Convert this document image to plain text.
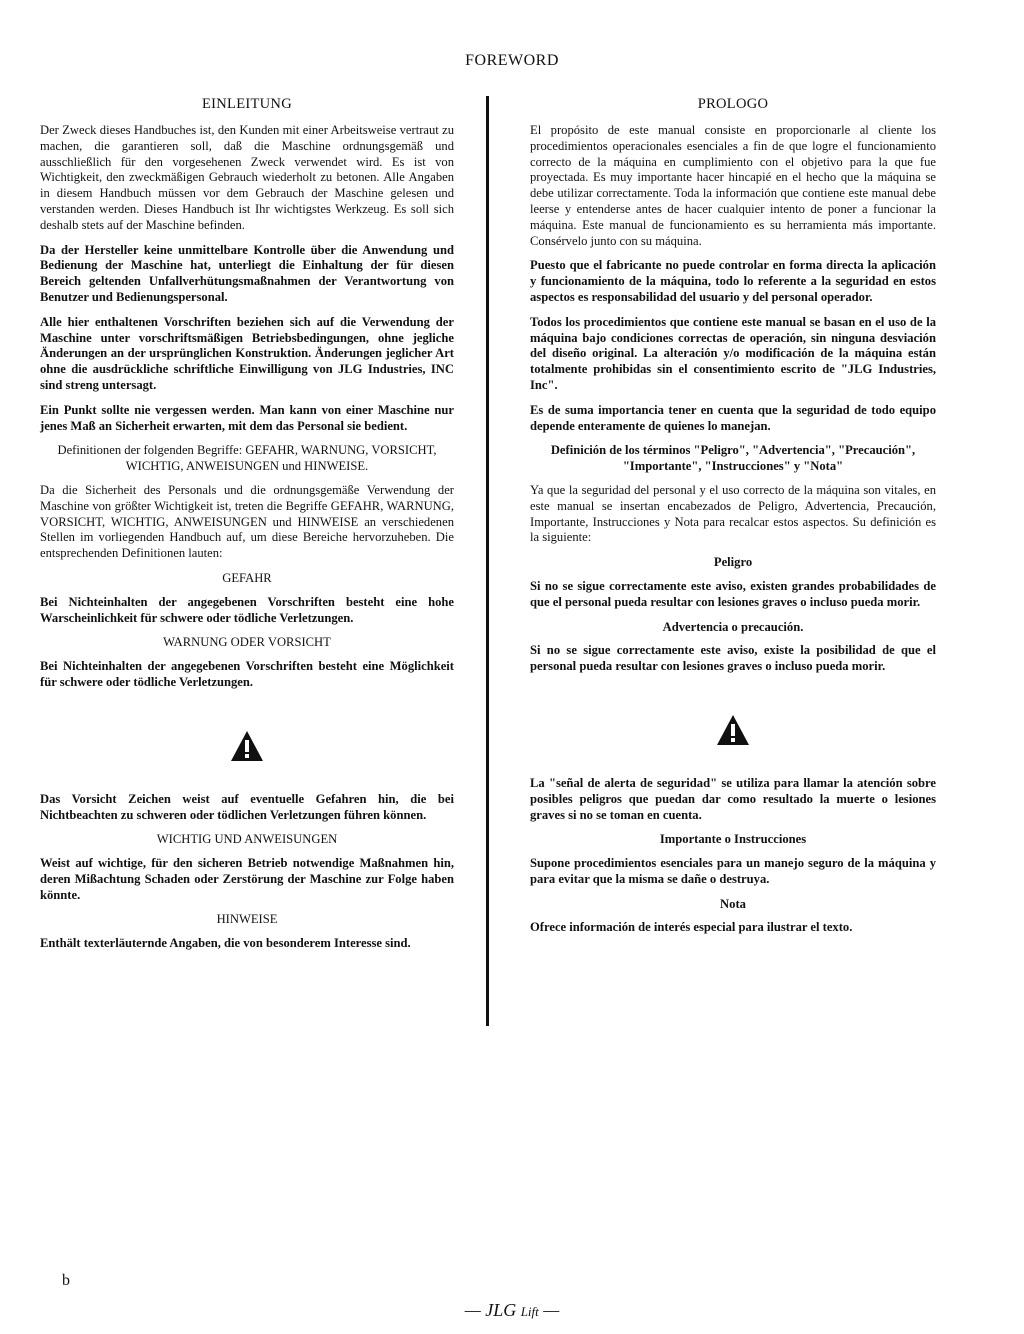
FOREWORD
EINLEITUNG

Der Zweck dieses Handbuches ist, den Kunden mit einer Arbeitsweise vertraut zu machen, die garantieren soll, daß die Maschine ordnungsgemäß und ausschließlich für den vorgesehenen Zweck verwendet wird. Es ist von Wichtigkeit, den zweckmäßigen Gebrauch wiederholt zu betonen. Alle Angaben in diesem Handbuch müssen vor dem Gebrauch der Maschine gelesen und verstanden werden. Dieses Handbuch ist Ihr wichtigstes Werkzeug. Es soll sich deshalb stets auf der Maschine befinden.

Da der Hersteller keine unmittelbare Kontrolle über die Anwendung und Bedienung der Maschine hat, unterliegt die Einhaltung der für diesen Bereich geltenden Unfallverhütungsmaßnahmen der Verantwortung von Benutzer und Bedienungspersonal.

Alle hier enthaltenen Vorschriften beziehen sich auf die Verwendung der Maschine unter vorschriftsmäßigen Betriebsbedingungen, ohne jegliche Änderungen an der ursprünglichen Konstruktion. Änderungen jeglicher Art ohne die ausdrückliche schriftliche Einwilligung von JLG Industries, INC sind streng untersagt.

Ein Punkt sollte nie vergessen werden. Man kann von einer Maschine nur jenes Maß an Sicherheit erwarten, mit dem das Personal sie bedient.

Definitionen der folgenden Begriffe: GEFAHR, WARNUNG, VORSICHT, WICHTIG, ANWEISUNGEN und HINWEISE.

Da die Sicherheit des Personals und die ordnungsgemäße Verwendung der Maschine von größter Wichtigkeit ist, treten die Begriffe GEFAHR, WARNUNG, VORSICHT, WICHTIG, ANWEISUNGEN und HINWEISE an verschiedenen Stellen im vorliegenden Handbuch auf, um diese Bereiche hervorzuheben. Die entsprechenden Definitionen lauten:

GEFAHR

Bei Nichteinhalten der angegebenen Vorschriften besteht eine hohe Warscheinlichkeit für schwere oder tödliche Verletzungen.

WARNUNG ODER VORSICHT

Bei Nichteinhalten der angegebenen Vorschriften besteht eine Möglichkeit für schwere oder tödliche Verletzungen.

Das Vorsicht Zeichen weist auf eventuelle Gefahren hin, die bei Nichtbeachten zu schweren oder tödlichen Verletzungen führen können.

WICHTIG UND ANWEISUNGEN

Weist auf wichtige, für den sicheren Betrieb notwendige Maßnahmen hin, deren Mißachtung Schaden oder Zerstörung der Maschine zur Folge haben könnte.

HINWEISE

Enthält texterläuternde Angaben, die von besonderem Interesse sind.

PROLOGO

El propósito de este manual consiste en proporcionarle al cliente los procedimientos operacionales esenciales a fin de que logre el funcionamiento correcto de la máquina en cumplimiento con el objetivo para la que fue proyectada. Es muy importante hacer hincapié en el hecho que la máquina se debe utilizar correctamente. Toda la información que contiene este manual debe leerse y entenderse antes de hacer cualquier intento de poner a funcionar la máquina. Este manual de funcionamiento es su herramienta más importante. Consérvelo junto con su máquina.

Puesto que el fabricante no puede controlar en forma directa la aplicación y funcionamiento de la máquina, todo lo referente a la seguridad en estos aspectos es responsabilidad del usuario y del personal operador.

Todos los procedimientos que contiene este manual se basan en el uso de la máquina bajo condiciones correctas de operación, sin ninguna desviación del diseño original. La alteración y/o modificación de la máquina están totalmente prohibidas sin el consentimiento escrito de "JLG Industries, Inc".

Es de suma importancia tener en cuenta que la seguridad de todo equipo depende enteramente de quienes lo manejan.

Definición de los términos "Peligro", "Advertencia", "Precaución", "Importante", "Instrucciones" y "Nota"

Ya que la seguridad del personal y el uso correcto de la máquina son vitales, en este manual se insertan encabezados de Peligro, Advertencia, Precaución, Importante, Instrucciones y Nota para recalcar estos aspectos. Su definición es la siguiente:

Peligro

Si no se sigue correctamente este aviso, existen grandes probabilidades de que el personal pueda resultar con lesiones graves o incluso pueda morir.

Advertencia o precaución.

Si no se sigue correctamente este aviso, existe la posibilidad de que el personal pueda resultar con lesiones graves o incluso pueda morir.

La "señal de alerta de seguridad" se utiliza para llamar la atención sobre posibles peligros que puedan dar como resultado la muerte o lesiones graves si no se toman en cuenta.

Importante o Instrucciones

Supone procedimientos esenciales para un manejo seguro de la máquina y para evitar que la misma se dañe o destruya.

Nota

Ofrece información de interés especial para ilustrar el texto.

b
— JLG Lift —
